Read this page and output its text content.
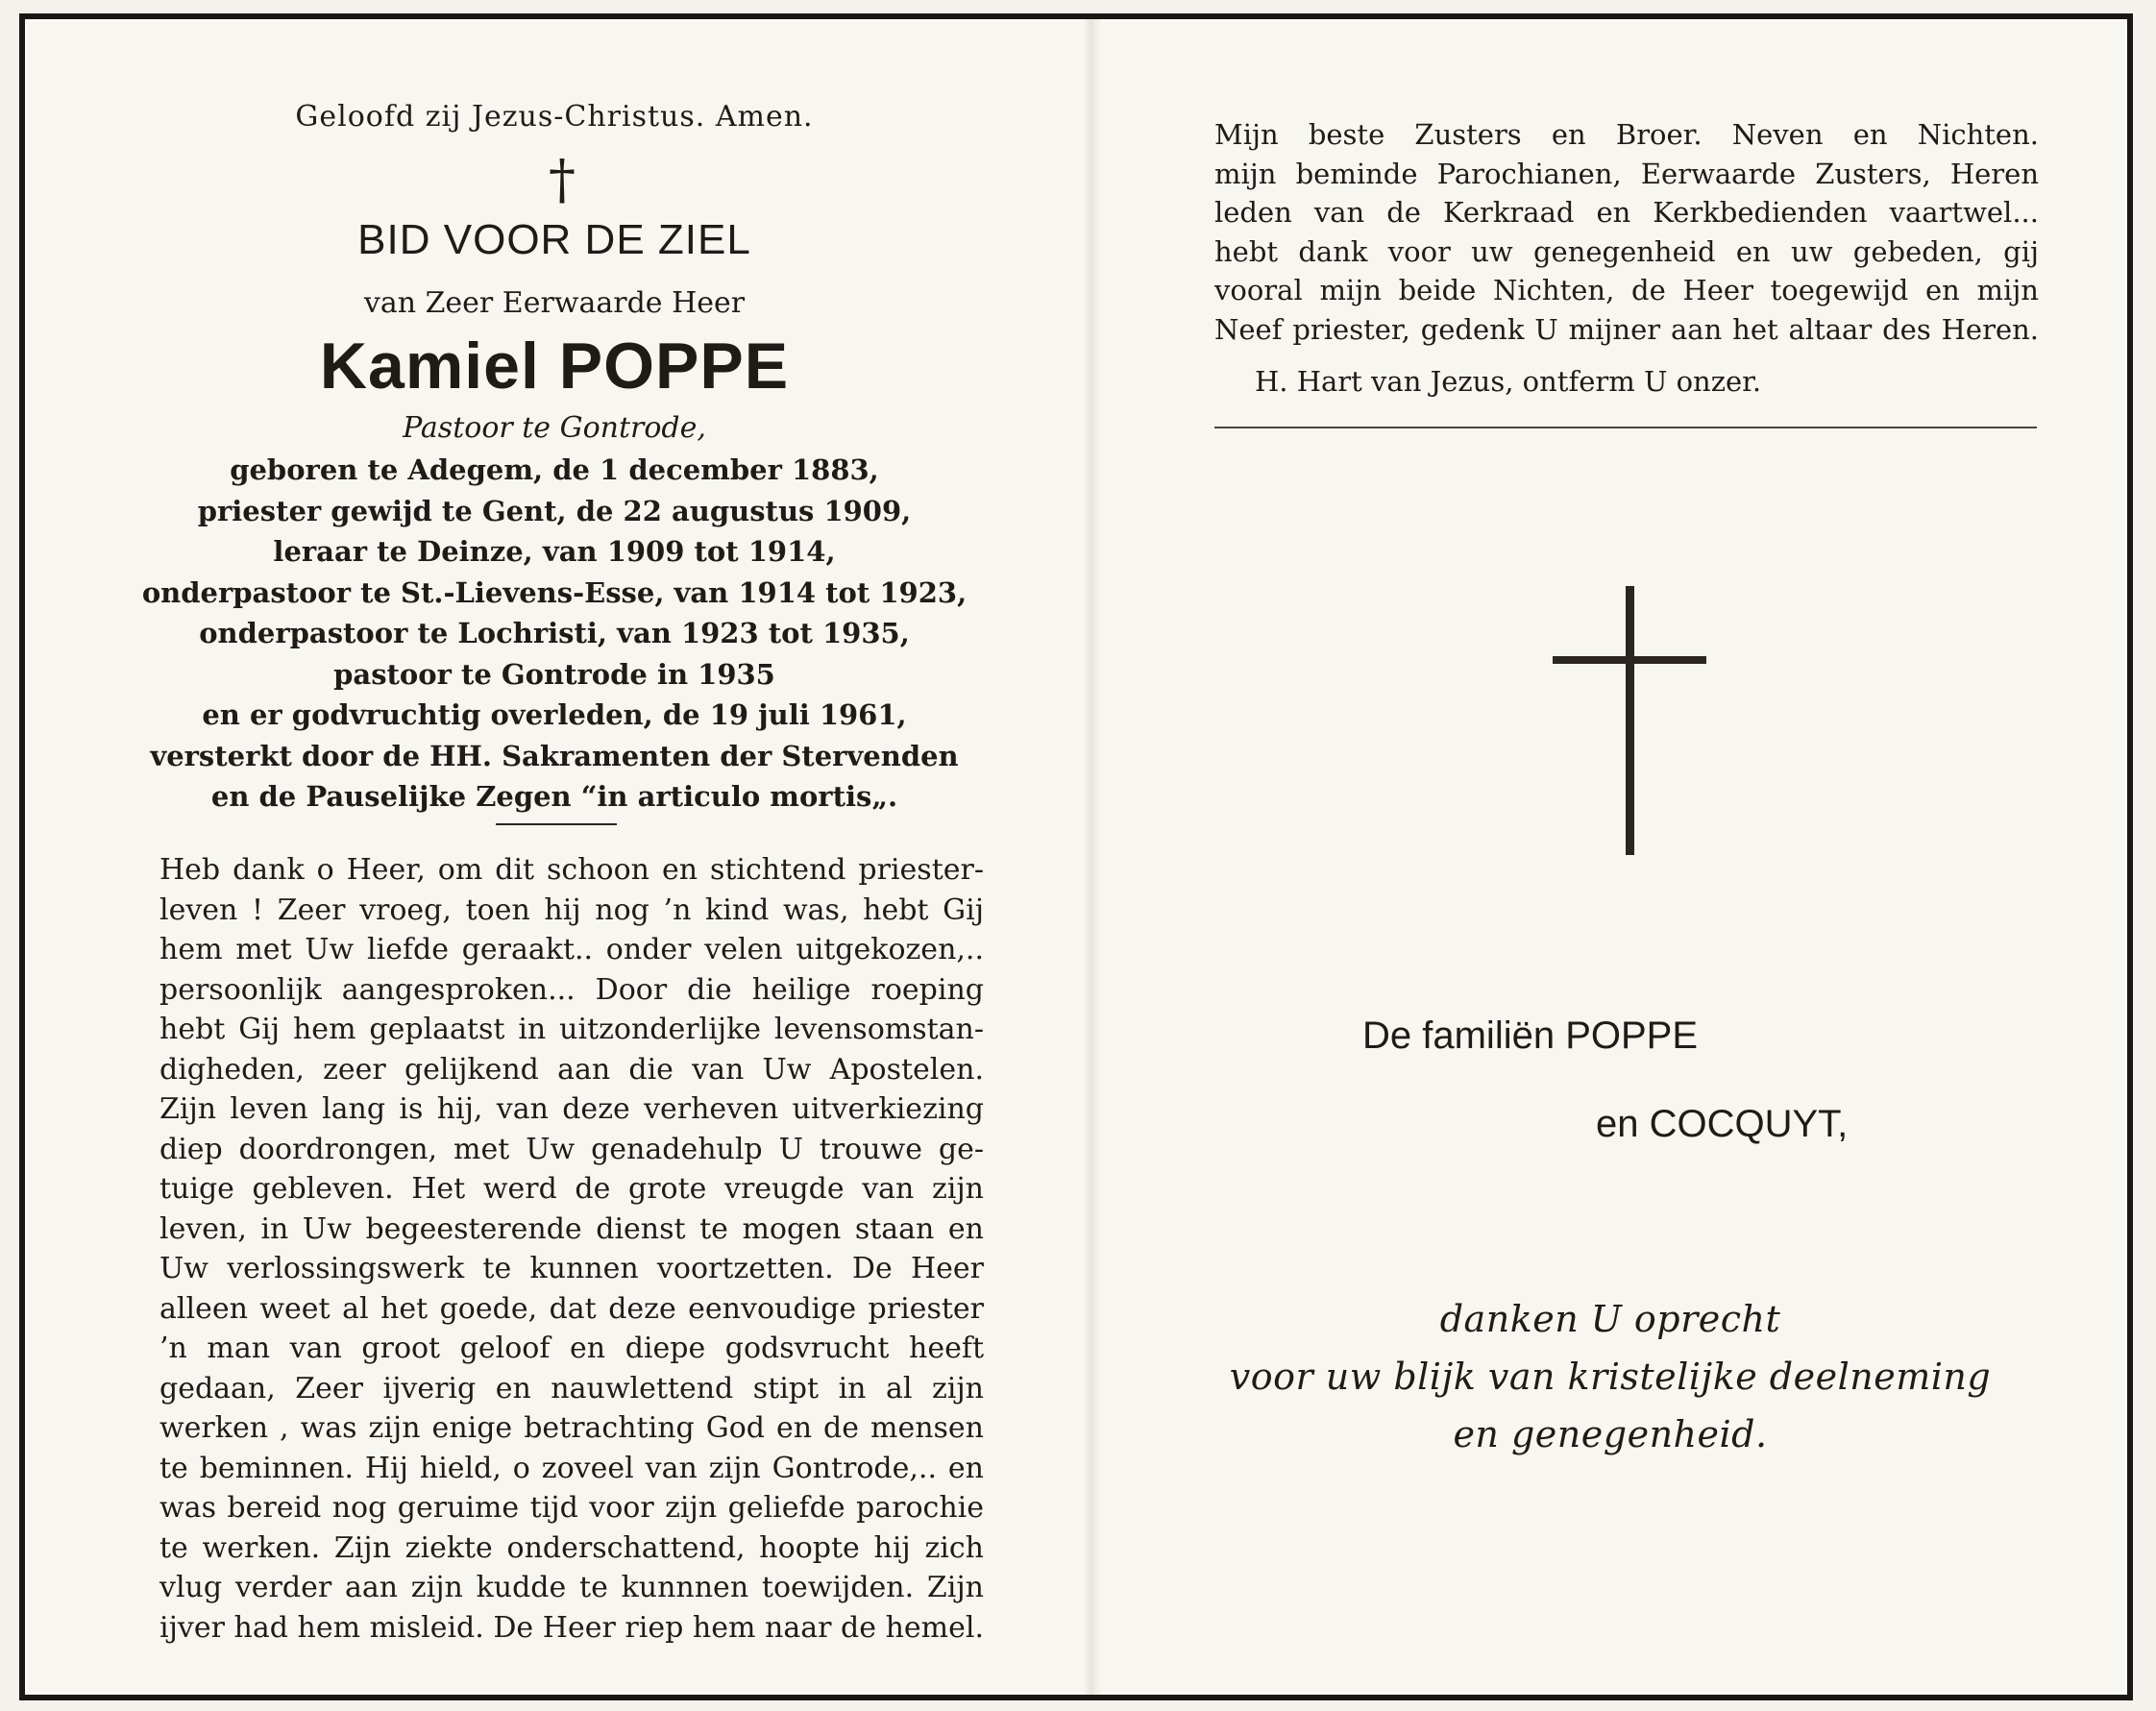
Geloofd zij Jezus-Christus. Amen.
†
BID VOOR DE ZIEL
van Zeer Eerwaarde Heer
Kamiel POPPE
Pastoor te Gontrode,
geboren te Adegem, de 1 december 1883,
priester gewijd te Gent, de 22 augustus 1909,
leraar te Deinze, van 1909 tot 1914,
onderpastoor te St.-Lievens-Esse, van 1914 tot 1923,
onderpastoor te Lochristi, van 1923 tot 1935,
pastoor te Gontrode in 1935
en er godvruchtig overleden, de 19 juli 1961,
versterkt door de HH. Sakramenten der Stervenden
en de Pauselijke Zegen “in articulo mortis„.
Heb dank o Heer, om dit schoon en stichtend priester-
leven ! Zeer vroeg, toen hij nog ’n kind was, hebt Gij
hem met Uw liefde geraakt.. onder velen uitgekozen,..
persoonlijk aangesproken... Door die heilige roeping
hebt Gij hem geplaatst in uitzonderlijke levensomstan-
digheden, zeer gelijkend aan die van Uw Apostelen.
Zijn leven lang is hij, van deze verheven uitverkiezing
diep doordrongen, met Uw genadehulp U trouwe ge-
tuige gebleven. Het werd de grote vreugde van zijn
leven, in Uw begeesterende dienst te mogen staan en
Uw verlossingswerk te kunnen voortzetten. De Heer
alleen weet al het goede, dat deze eenvoudige priester
’n man van groot geloof en diepe godsvrucht heeft
gedaan, Zeer ijverig en nauwlettend stipt in al zijn
werken , was zijn enige betrachting God en de mensen
te beminnen. Hij hield, o zoveel van zijn Gontrode,.. en
was bereid nog geruime tijd voor zijn geliefde parochie
te werken. Zijn ziekte onderschattend, hoopte hij zich
vlug verder aan zijn kudde te kunnnen toewijden. Zijn
ijver had hem misleid. De Heer riep hem naar de hemel.
Mijn beste Zusters en Broer. Neven en Nichten.
mijn beminde Parochianen, Eerwaarde Zusters, Heren
leden van de Kerkraad en Kerkbedienden vaartwel...
hebt dank voor uw genegenheid en uw gebeden, gij
vooral mijn beide Nichten, de Heer toegewijd en mijn
Neef priester, gedenk U mijner aan het altaar des Heren.
H. Hart van Jezus, ontferm U onzer.
De familiën POPPE
en COCQUYT,
danken U oprecht
voor uw blijk van kristelijke deelneming
en genegenheid.
